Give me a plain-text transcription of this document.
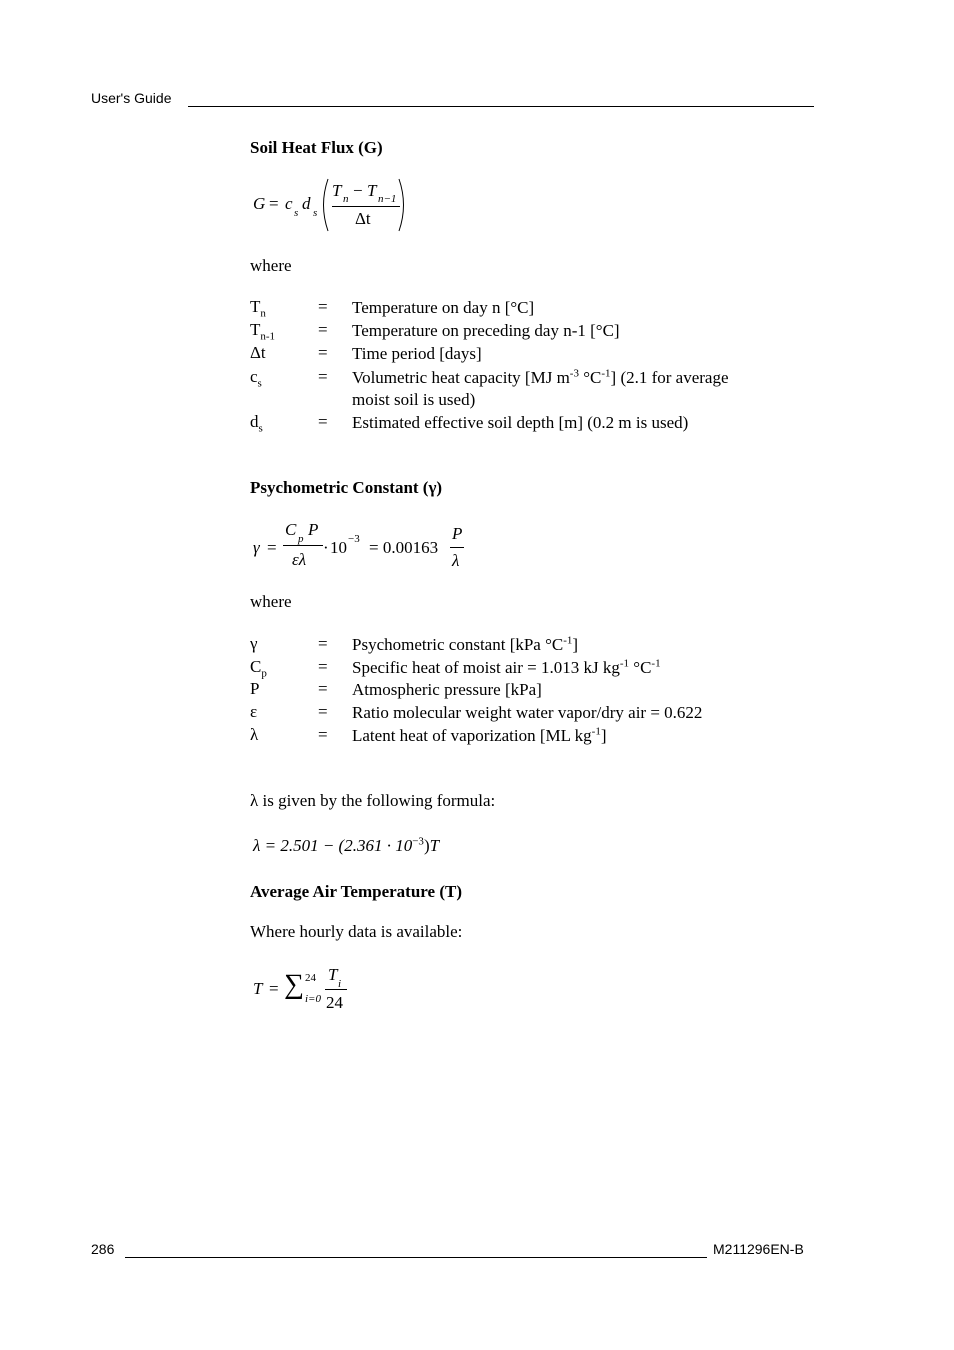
User's Guide
Soil Heat Flux (G)
G = c s d s
T n − T n−1
Δt
where
$T_n$	= Temperature on day n [°C]
$T_{n-1}$	= Temperature on preceding day n-1 [°C]
Δt	= Time period [days]
$c_s$	= Volumetric heat capacity [MJ $m^{-3}$ $^\circ C^{-1}$] (2.1 for average
moist soil is used)
$d_s$	= Estimated effective soil depth [m] (0.2 m is used)
Psychometric Constant (γ)
γ =
C p P
ελ
· 10 −3 = 0.00163
P
λ
where
γ	= Psychometric constant [kPa $^\circ C^{-1}$]
$C_p$	= Specific heat of moist air = 1.013 kJ $kg^{-1}$ $^\circ C^{-1}$
P	= Atmospheric pressure [kPa]
ε	= Ratio molecular weight water vapor/dry air = 0.622
λ	= Latent heat of vaporization [ML $kg^{-1}$]
λ is given by the following formula:
$\lambda = 2.501 - (2.361 \cdot 10^{-3})T$
Average Air Temperature (T)
Where hourly data is available:
T = ∑ 24
i=0
T i
24
286	M211296EN-B
